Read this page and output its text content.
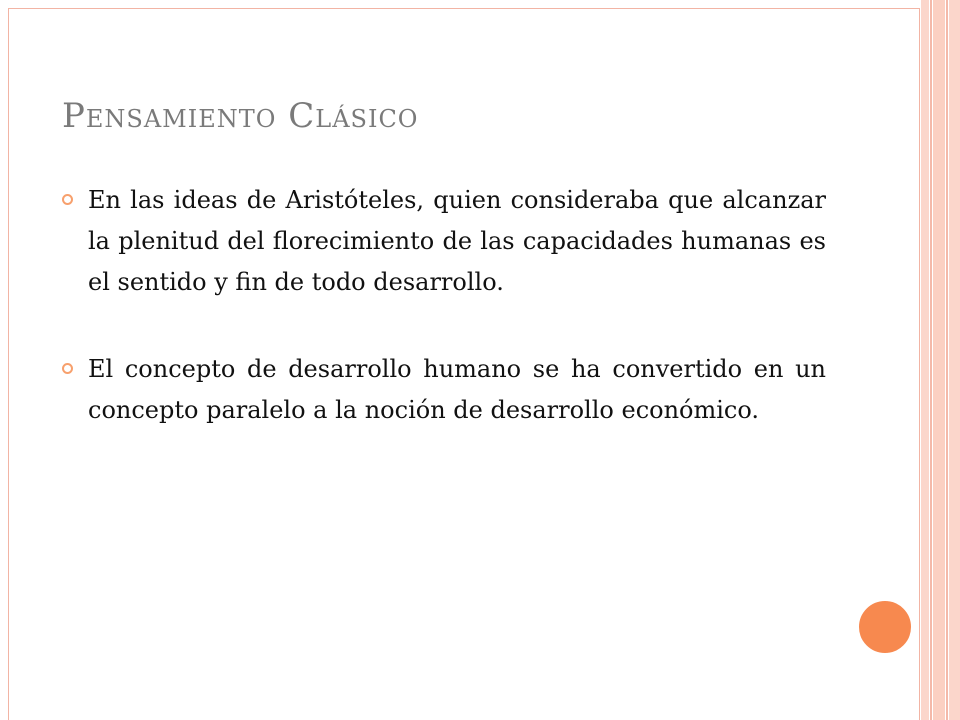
Pensamiento Clásico
En las ideas de Aristóteles, quien consideraba que alcanzar la plenitud del florecimiento de las capacidades humanas es el sentido y fin de todo desarrollo.
El concepto de desarrollo humano se ha convertido en un concepto paralelo a la noción de desarrollo económico.
